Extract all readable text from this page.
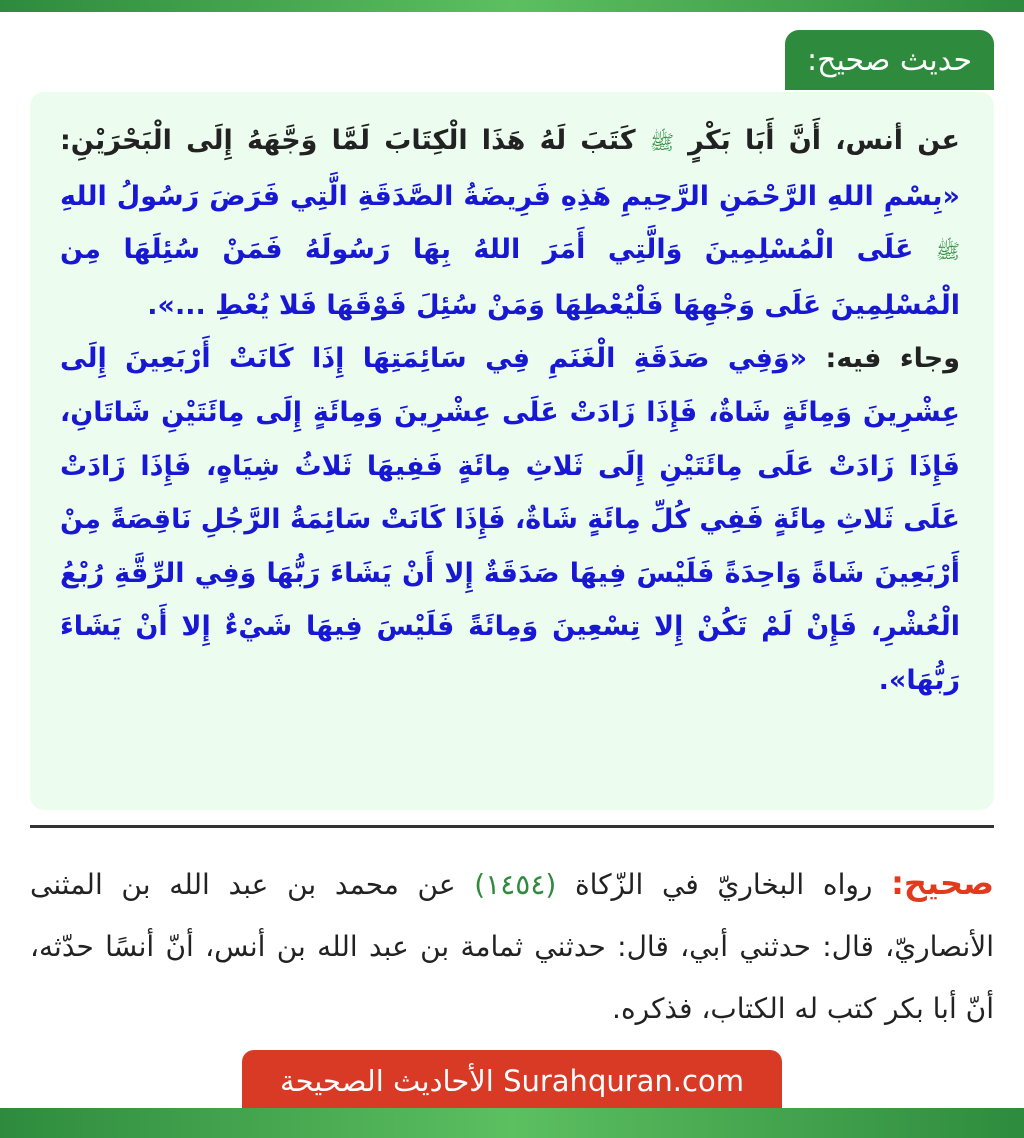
حديث صحيح:

عن أنس، أَنَّ أَبَا بَكْرٍ ﷺ كَتَبَ لَهُ هَذَا الْكِتَابَ لَمَّا وَجَّهَهُ إِلَى الْبَحْرَيْنِ: «بِسْمِ اللهِ الرَّحْمَنِ الرَّحِيمِ هَذِهِ فَرِيضَةُ الصَّدَقَةِ الَّتِي فَرَضَ رَسُولُ اللهِ ﷺ عَلَى الْمُسْلِمِينَ وَالَّتِي أَمَرَ اللهُ بِهَا رَسُولَهُ فَمَنْ سُئِلَهَا مِن الْمُسْلِمِينَ عَلَى وَجْهِهَا فَلْيُعْطِهَا وَمَنْ سُئِلَ فَوْقَهَا فَلا يُعْطِ ...».

وجاء فيه: «وَفِي صَدَقَةِ الْغَنَمِ فِي سَائِمَتِهَا إِذَا كَانَتْ أَرْبَعِينَ إِلَى عِشْرِينَ وَمِائَةٍ شَاةٌ، فَإِذَا زَادَتْ عَلَى عِشْرِينَ وَمِائَةٍ إِلَى مِائَتَيْنِ شَاتَانِ، فَإِذَا زَادَتْ عَلَى مِائَتَيْنِ إِلَى ثَلاثِ مِائَةٍ فَفِيهَا ثَلاثُ شِيَاهٍ، فَإِذَا زَادَتْ عَلَى ثَلاثِ مِائَةٍ فَفِي كُلِّ مِائَةٍ شَاةٌ، فَإِذَا كَانَتْ سَائِمَةُ الرَّجُلِ نَاقِصَةً مِنْ أَرْبَعِينَ شَاةً وَاحِدَةً فَلَيْسَ فِيهَا صَدَقَةٌ إِلا أَنْ يَشَاءَ رَبُّهَا وَفِي الرِّقَّةِ رُبْعُ الْعُشْرِ، فَإِنْ لَمْ تَكُنْ إِلا تِسْعِينَ وَمِائَةً فَلَيْسَ فِيهَا شَيْءٌ إِلا أَنْ يَشَاءَ رَبُّهَا».

صحيح: رواه البخاريّ في الزّكاة (١٤٥٤) عن محمد بن عبد الله بن المثنى الأنصاريّ، قال: حدثني أبي، قال: حدثني ثمامة بن عبد الله بن أنس، أنّ أنسًا حدّثه، أنّ أبا بكر كتب له الكتاب، فذكره.
الأحاديث الصحيحة Surahquran.com
